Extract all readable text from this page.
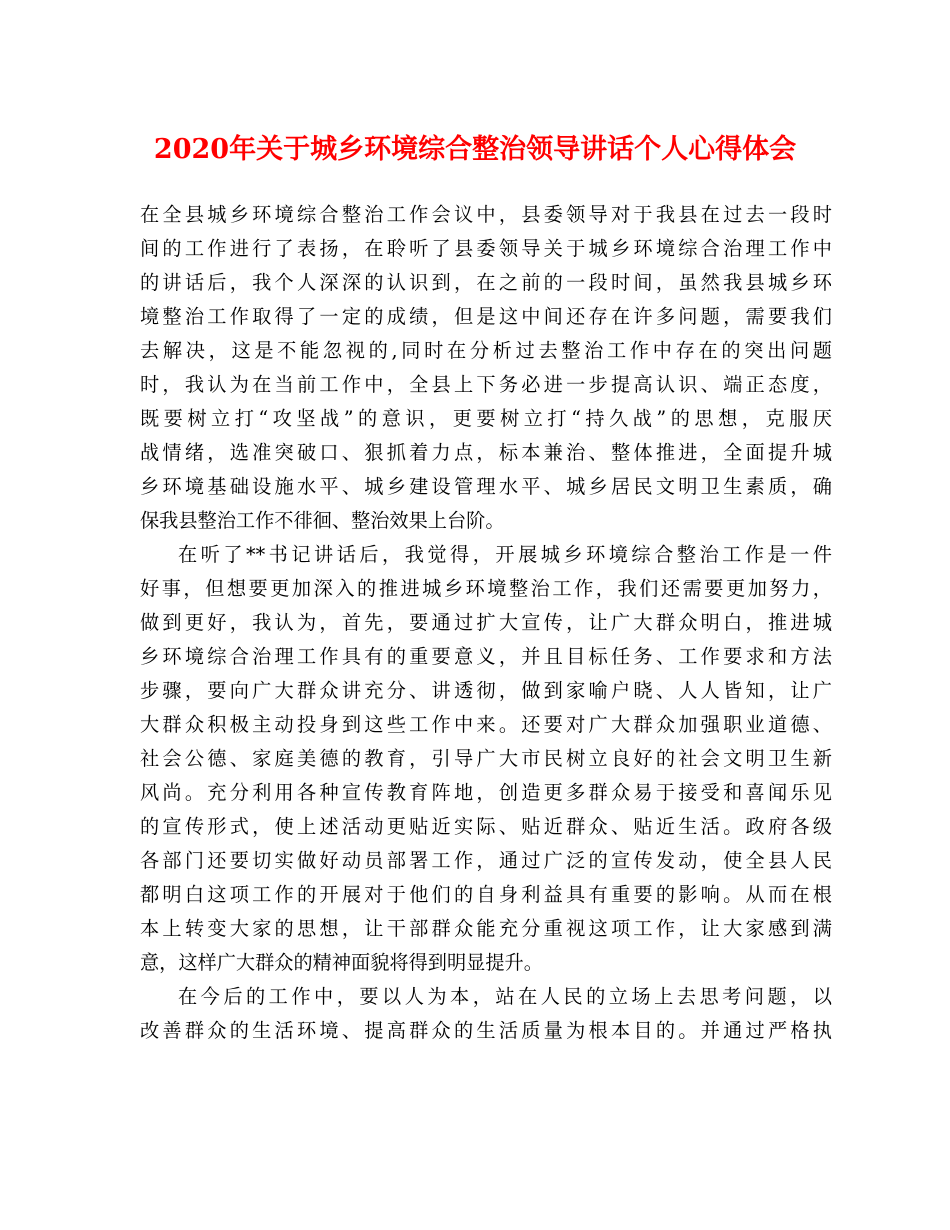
2020年关于城乡环境综合整治领导讲话个人心得体会

在全县城乡环境综合整治工作会议中，县委领导对于我县在过去一段时
间的工作进行了表扬，在聆听了县委领导关于城乡环境综合治理工作中
的讲话后，我个人深深的认识到，在之前的一段时间，虽然我县城乡环
境整治工作取得了一定的成绩，但是这中间还存在许多问题，需要我们
去解决，这是不能忽视的,同时在分析过去整治工作中存在的突出问题
时，我认为在当前工作中，全县上下务必进一步提高认识、端正态度，
既要树立打“攻坚战”的意识，更要树立打“持久战”的思想，克服厌
战情绪，选准突破口、狠抓着力点，标本兼治、整体推进，全面提升城
乡环境基础设施水平、城乡建设管理水平、城乡居民文明卫生素质，确
保我县整治工作不徘徊、整治效果上台阶。

在听了**书记讲话后，我觉得，开展城乡环境综合整治工作是一件
好事，但想要更加深入的推进城乡环境整治工作，我们还需要更加努力，
做到更好，我认为，首先，要通过扩大宣传，让广大群众明白，推进城
乡环境综合治理工作具有的重要意义，并且目标任务、工作要求和方法
步骤，要向广大群众讲充分、讲透彻，做到家喻户晓、人人皆知，让广
大群众积极主动投身到这些工作中来。还要对广大群众加强职业道德、
社会公德、家庭美德的教育，引导广大市民树立良好的社会文明卫生新
风尚。充分利用各种宣传教育阵地，创造更多群众易于接受和喜闻乐见
的宣传形式，使上述活动更贴近实际、贴近群众、贴近生活。政府各级
各部门还要切实做好动员部署工作，通过广泛的宣传发动，使全县人民
都明白这项工作的开展对于他们的自身利益具有重要的影响。从而在根
本上转变大家的思想，让干部群众能充分重视这项工作，让大家感到满
意，这样广大群众的精神面貌将得到明显提升。

在今后的工作中，要以人为本，站在人民的立场上去思考问题，以
改善群众的生活环境、提高群众的生活质量为根本目的。并通过严格执
